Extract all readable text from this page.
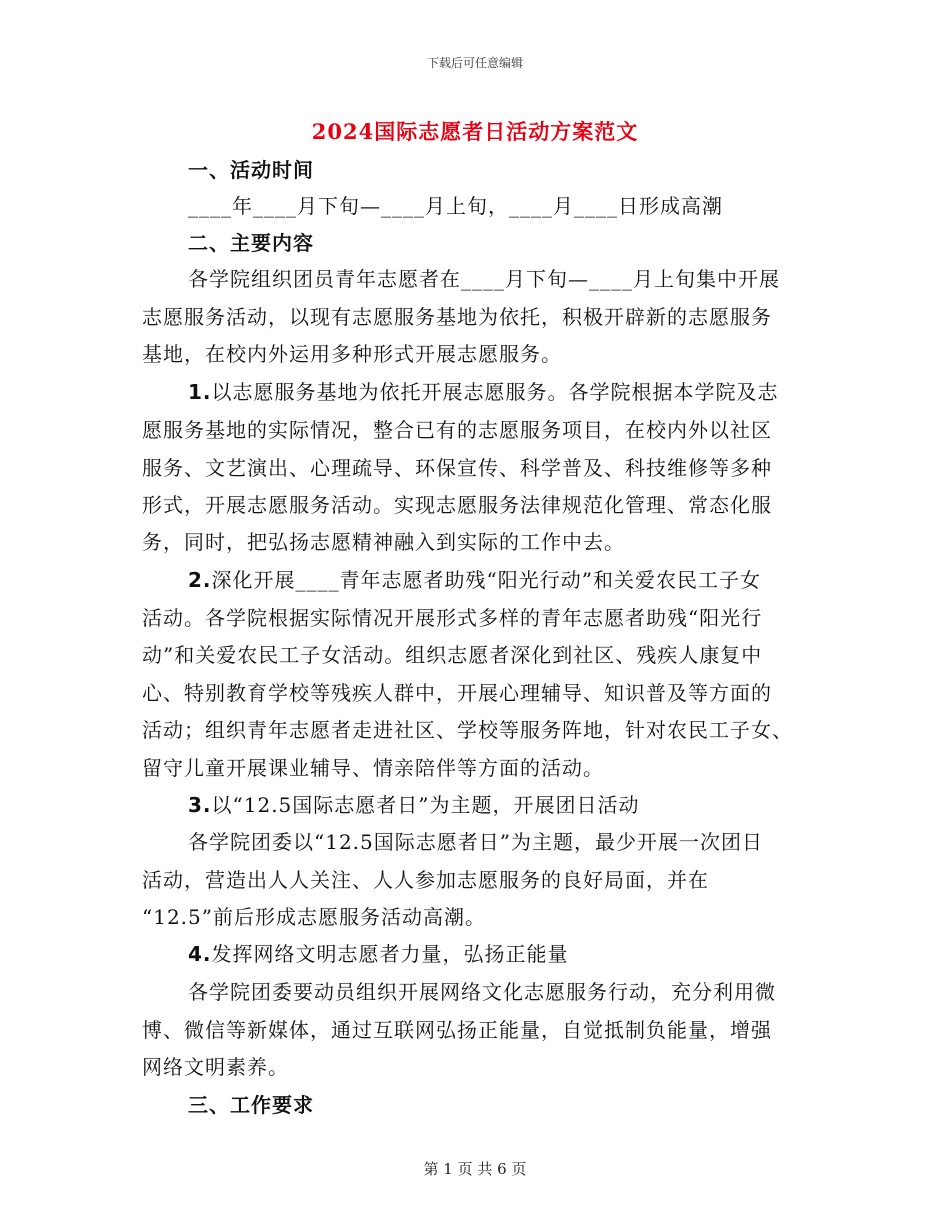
下载后可任意编辑
2024国际志愿者日活动方案范文
一、活动时间
____年____月下旬—____月上旬，____月____日形成高潮
二、主要内容
各学院组织团员青年志愿者在____月下旬—____月上旬集中开展
志愿服务活动，以现有志愿服务基地为依托，积极开辟新的志愿服务
基地，在校内外运用多种形式开展志愿服务。
1.以志愿服务基地为依托开展志愿服务。各学院根据本学院及志
愿服务基地的实际情况，整合已有的志愿服务项目，在校内外以社区
服务、文艺演出、心理疏导、环保宣传、科学普及、科技维修等多种
形式，开展志愿服务活动。实现志愿服务法律规范化管理、常态化服
务，同时，把弘扬志愿精神融入到实际的工作中去。
2.深化开展____青年志愿者助残“阳光行动”和关爱农民工子女
活动。各学院根据实际情况开展形式多样的青年志愿者助残“阳光行
动”和关爱农民工子女活动。组织志愿者深化到社区、残疾人康复中
心、特别教育学校等残疾人群中，开展心理辅导、知识普及等方面的
活动；组织青年志愿者走进社区、学校等服务阵地，针对农民工子女、
留守儿童开展课业辅导、情亲陪伴等方面的活动。
3.以“12.5国际志愿者日”为主题，开展团日活动
各学院团委以“12.5国际志愿者日”为主题，最少开展一次团日
活动，营造出人人关注、人人参加志愿服务的良好局面，并在
“12.5”前后形成志愿服务活动高潮。
4.发挥网络文明志愿者力量，弘扬正能量
各学院团委要动员组织开展网络文化志愿服务行动，充分利用微
博、微信等新媒体，通过互联网弘扬正能量，自觉抵制负能量，增强
网络文明素养。
三、工作要求
第 1 页 共 6 页
